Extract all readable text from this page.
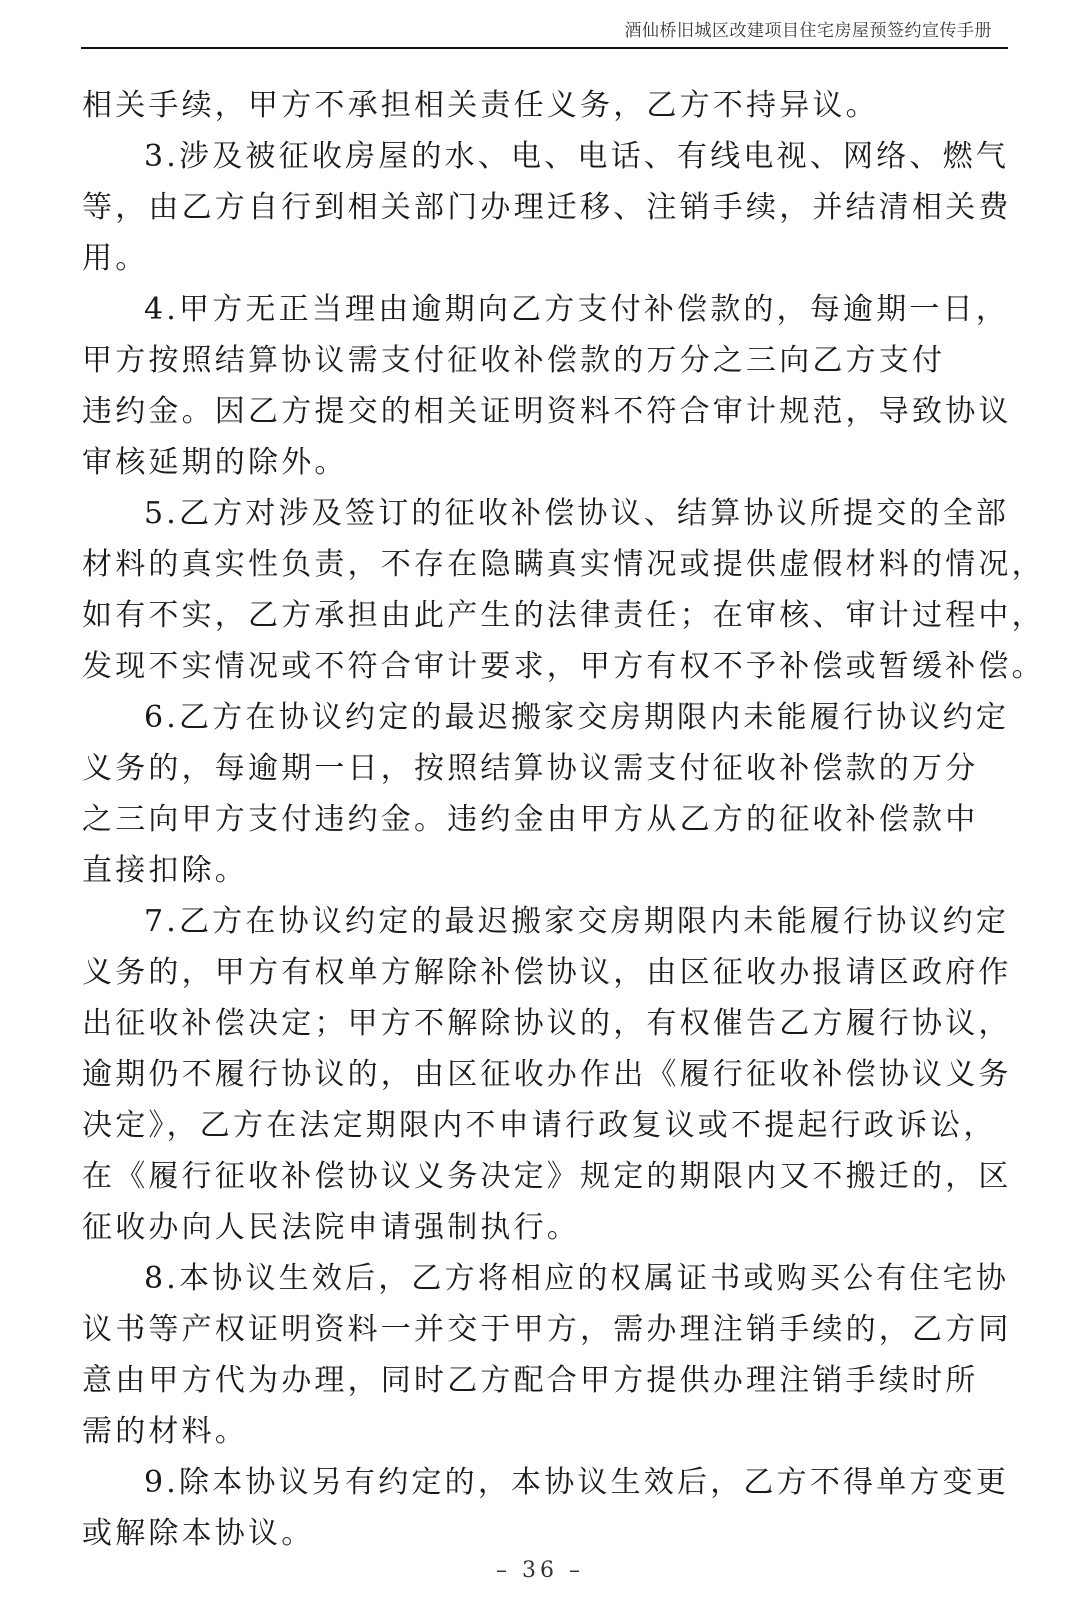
酒仙桥旧城区改建项目住宅房屋预签约宣传手册
相关手续，甲方不承担相关责任义务，乙方不持异议。
3.涉及被征收房屋的水、电、电话、有线电视、网络、燃气
等，由乙方自行到相关部门办理迁移、注销手续，并结清相关费
用。
4.甲方无正当理由逾期向乙方支付补偿款的，每逾期一日，
甲方按照结算协议需支付征收补偿款的万分之三向乙方支付
违约金。因乙方提交的相关证明资料不符合审计规范，导致协议
审核延期的除外。
5.乙方对涉及签订的征收补偿协议、结算协议所提交的全部
材料的真实性负责，不存在隐瞒真实情况或提供虚假材料的情况，
如有不实，乙方承担由此产生的法律责任；在审核、审计过程中，
发现不实情况或不符合审计要求，甲方有权不予补偿或暂缓补偿。
6.乙方在协议约定的最迟搬家交房期限内未能履行协议约定
义务的，每逾期一日，按照结算协议需支付征收补偿款的万分
之三向甲方支付违约金。违约金由甲方从乙方的征收补偿款中
直接扣除。
7.乙方在协议约定的最迟搬家交房期限内未能履行协议约定
义务的，甲方有权单方解除补偿协议，由区征收办报请区政府作
出征收补偿决定；甲方不解除协议的，有权催告乙方履行协议，
逾期仍不履行协议的，由区征收办作出《履行征收补偿协议义务
决定》，乙方在法定期限内不申请行政复议或不提起行政诉讼，
在《履行征收补偿协议义务决定》规定的期限内又不搬迁的，区
征收办向人民法院申请强制执行。
8.本协议生效后，乙方将相应的权属证书或购买公有住宅协
议书等产权证明资料一并交于甲方，需办理注销手续的，乙方同
意由甲方代为办理，同时乙方配合甲方提供办理注销手续时所
需的材料。
9.除本协议另有约定的，本协议生效后，乙方不得单方变更
或解除本协议。
– 36 –
